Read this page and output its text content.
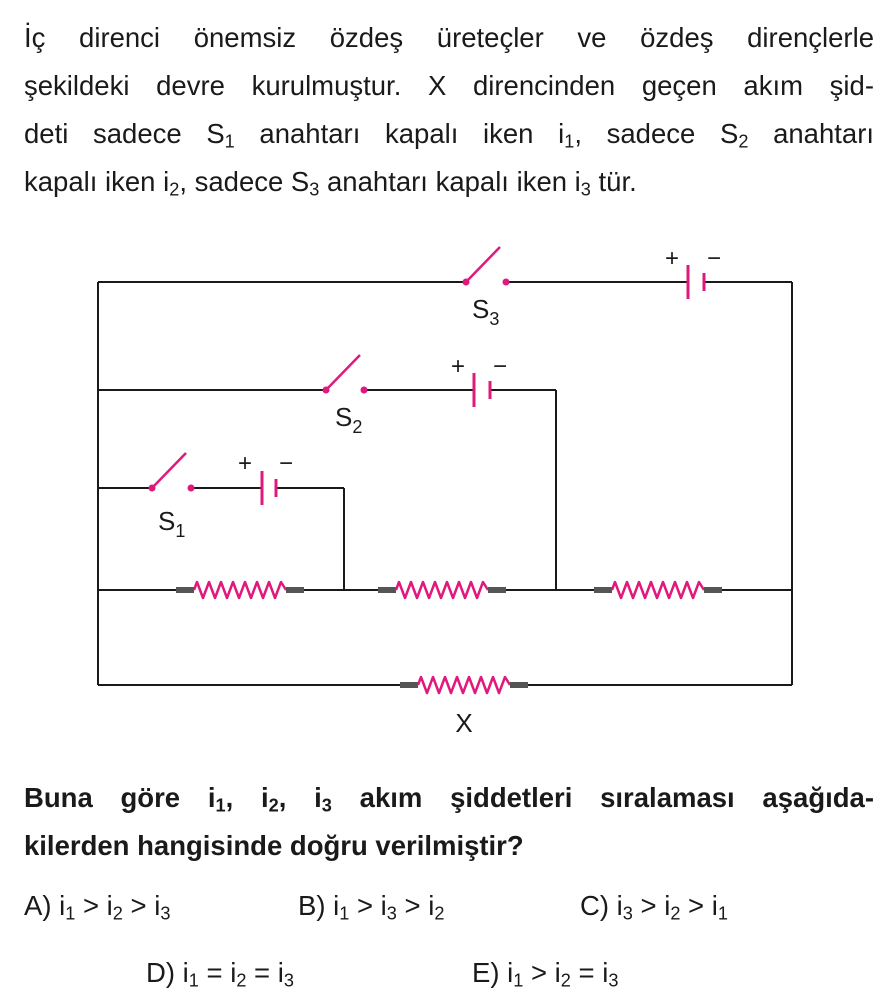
İç direnci önemsiz özdeş üreteçler ve özdeş dirençlerle

şekildeki devre kurulmuştur. X direncinden geçen akım şid-

deti sadece $S_1$ anahtarı kapalı iken $i_1$, sadece $S_2$ anahtarı

kapalı iken $i_2$, sadece $S_3$ anahtarı kapalı iken $i_3$ tür.

+ −
+ −
+ −
$S_1$
$S_2$
$S_3$
X

Buna göre $i_1$, $i_2$, $i_3$ akım şiddetleri sıralaması aşağıda-

kilerden hangisinde doğru verilmiştir?

A) $i_1 > i_2 > i_3$	B) $i_1 > i_3 > i_2$	C) $i_3 > i_2 > i_1$
D) $i_1 = i_2 = i_3$	E) $i_1 > i_2 = i_3$
